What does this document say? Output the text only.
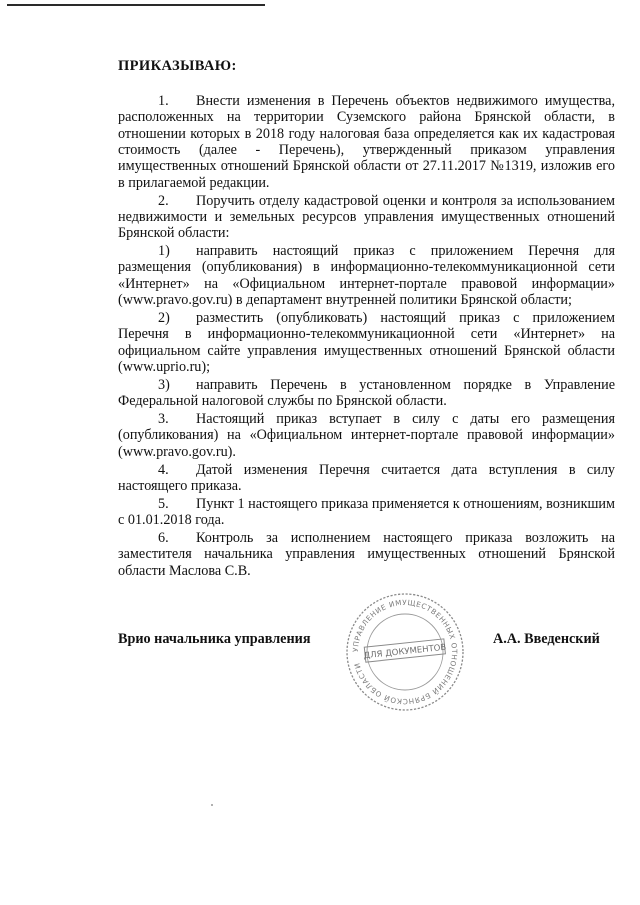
ПРИКАЗЫВАЮ:

1. Внести изменения в Перечень объектов недвижимого имущества, расположенных на территории Суземского района Брянской области, в отношении которых в 2018 году налоговая база определяется как их кадастровая стоимость (далее - Перечень), утвержденный приказом управления имущественных отношений Брянской области от 27.11.2017 №1319, изложив его в прилагаемой редакции.

2. Поручить отделу кадастровой оценки и контроля за использованием недвижимости и земельных ресурсов управления имущественных отношений Брянской области:

1) направить настоящий приказ с приложением Перечня для размещения (опубликования) в информационно-телекоммуникационной сети «Интернет» на «Официальном интернет-портале правовой информации» (www.pravo.gov.ru) в департамент внутренней политики Брянской области;

2) разместить (опубликовать) настоящий приказ с приложением Перечня в информационно-телекоммуникационной сети «Интернет» на официальном сайте управления имущественных отношений Брянской области (www.uprio.ru);

3) направить Перечень в установленном порядке в Управление Федеральной налоговой службы по Брянской области.

3. Настоящий приказ вступает в силу с даты его размещения (опубликования) на «Официальном интернет-портале правовой информации» (www.pravo.gov.ru).

4. Датой изменения Перечня считается дата вступления в силу настоящего приказа.

5. Пункт 1 настоящего приказа применяется к отношениям, возникшим с 01.01.2018 года.

6. Контроль за исполнением настоящего приказа возложить на заместителя начальника управления имущественных отношений Брянской области Маслова С.В.

Врио начальника управления
УПРАВЛЕНИЕ ИМУЩЕСТВЕННЫХ ОТНОШЕНИЙ БРЯНСКОЙ ОБЛАСТИ
ДЛЯ ДОКУМЕНТОВ
А.А. Введенский
